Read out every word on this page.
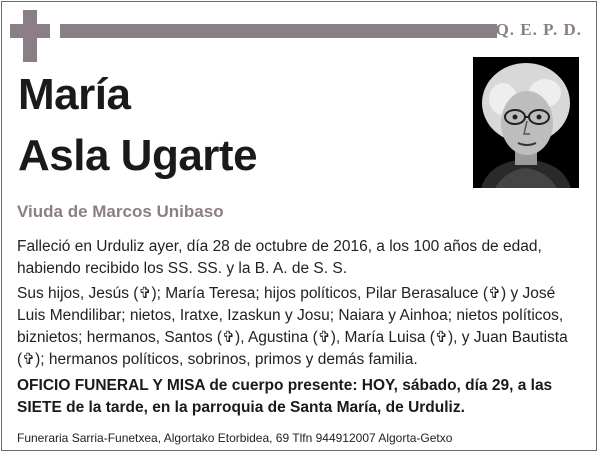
Q. E. P. D.
María
Asla Ugarte
Viuda de Marcos Unibaso
Falleció en Urduliz ayer, día 28 de octubre de 2016, a los 100 años de edad, habiendo recibido los SS. SS. y la B. A. de S. S.
Sus hijos, Jesús (✞); María Teresa; hijos políticos, Pilar Berasaluce (✞) y José Luis Mendilibar; nietos, Iratxe, Izaskun y Josu; Naiara y Ainhoa; nietos políticos, biznietos; hermanos, Santos (✞), Agustina (✞), María Luisa (✞), y Juan Bautista (✞); hermanos políticos, sobrinos, primos y demás familia.
OFICIO FUNERAL Y MISA de cuerpo presente: HOY, sábado, día 29, a las SIETE de la tarde, en la parroquia de Santa María, de Urduliz.
Funeraria Sarria-Funetxea, Algortako Etorbidea, 69 Tlfn 944912007 Algorta-Getxo
